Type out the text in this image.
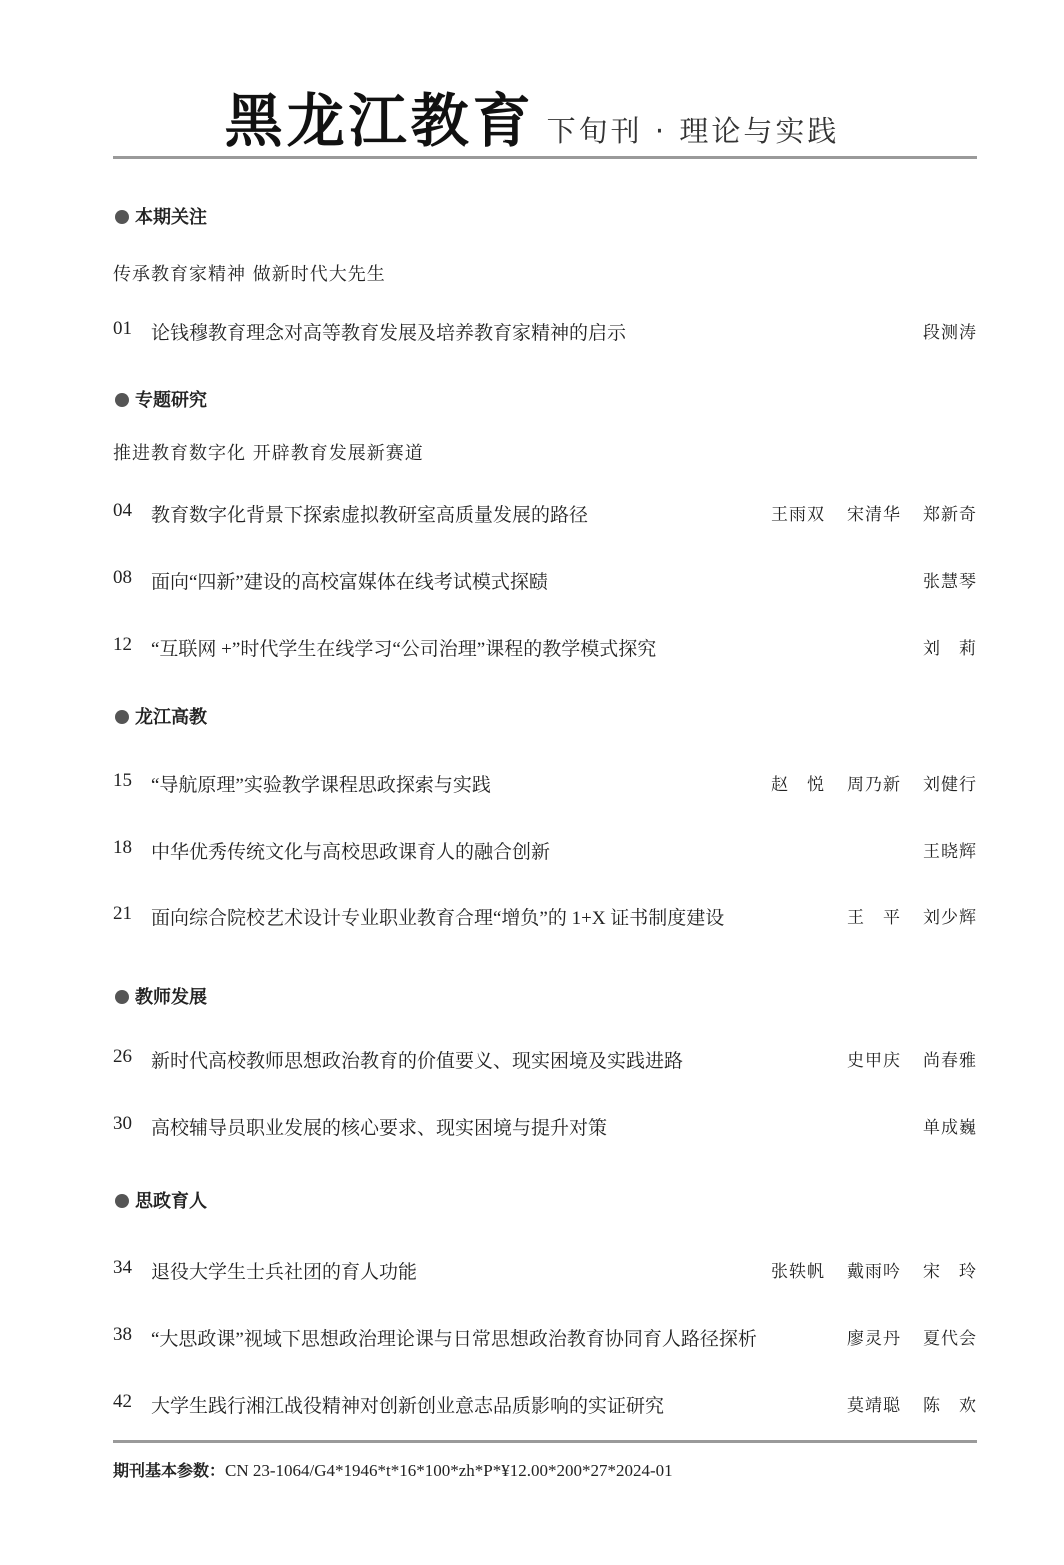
黑龙江教育 下旬刊 · 理论与实践
本期关注
传承教育家精神 做新时代大先生
01	论钱穆教育理念对高等教育发展及培养教育家精神的启示	段测涛
专题研究
推进教育数字化 开辟教育发展新赛道
04	教育数字化背景下探索虚拟教研室高质量发展的路径	王雨双 宋清华 郑新奇
08	面向“四新”建设的高校富媒体在线考试模式探赜	张慧琴
12	“互联网 +”时代学生在线学习“公司治理”课程的教学模式探究	刘　莉
龙江高教
15	“导航原理”实验教学课程思政探索与实践	赵　悦 周乃新 刘健行
18	中华优秀传统文化与高校思政课育人的融合创新	王晓辉
21	面向综合院校艺术设计专业职业教育合理“增负”的 1+X 证书制度建设	王　平 刘少辉
教师发展
26	新时代高校教师思想政治教育的价值要义、现实困境及实践进路	史甲庆 尚春雅
30	高校辅导员职业发展的核心要求、现实困境与提升对策	单成巍
思政育人
34	退役大学生士兵社团的育人功能	张轶帆 戴雨吟 宋　玲
38	“大思政课”视域下思想政治理论课与日常思想政治教育协同育人路径探析	廖灵丹 夏代会
42	大学生践行湘江战役精神对创新创业意志品质影响的实证研究	莫靖聪 陈　欢
期刊基本参数：CN 23-1064/G4*1946*t*16*100*zh*P*¥12.00*200*27*2024-01
